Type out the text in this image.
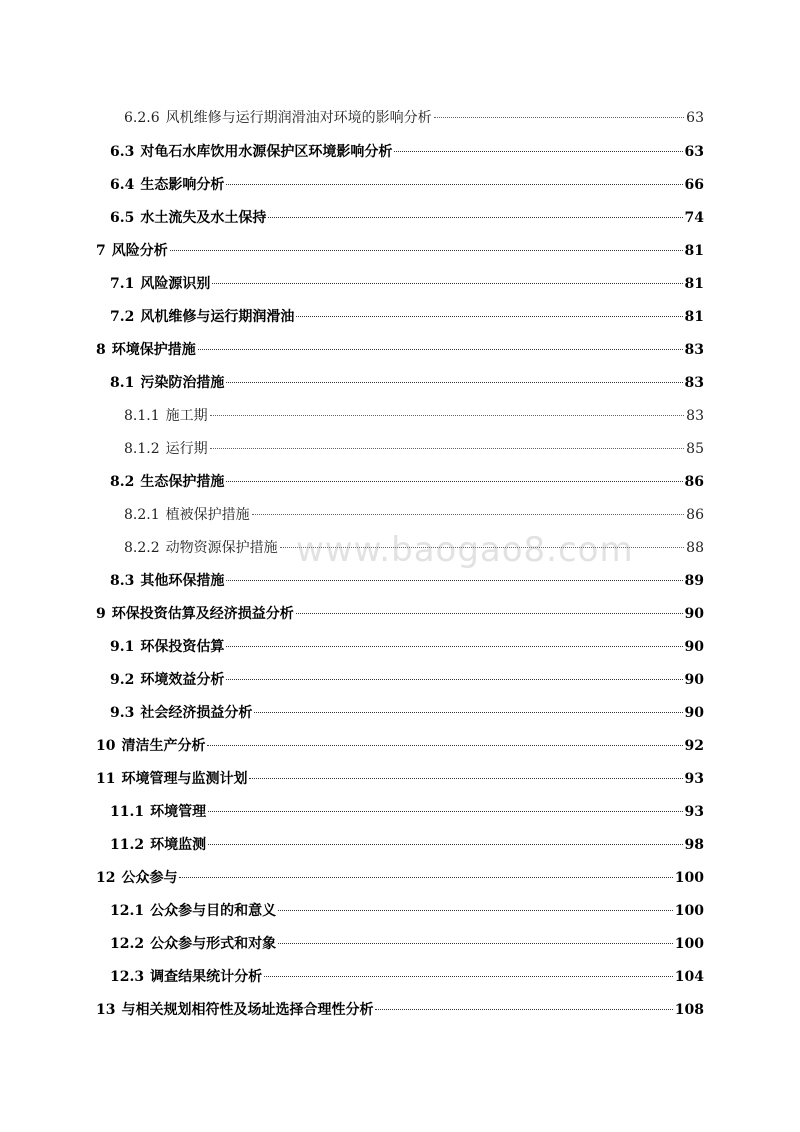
6.2.6 风机维修与运行期润滑油对环境的影响分析	63
6.3 对龟石水库饮用水源保护区环境影响分析	63
6.4 生态影响分析	66
6.5 水土流失及水土保持	74
7 风险分析	81
7.1 风险源识别	81
7.2 风机维修与运行期润滑油	81
8 环境保护措施	83
8.1 污染防治措施	83
8.1.1 施工期	83
8.1.2 运行期	85
8.2 生态保护措施	86
8.2.1 植被保护措施	86
8.2.2 动物资源保护措施	88
8.3 其他环保措施	89
9 环保投资估算及经济损益分析	90
9.1 环保投资估算	90
9.2 环境效益分析	90
9.3 社会经济损益分析	90
10 清洁生产分析	92
11 环境管理与监测计划	93
11.1 环境管理	93
11.2 环境监测	98
12 公众参与	100
12.1 公众参与目的和意义	100
12.2 公众参与形式和对象	100
12.3 调查结果统计分析	104
13 与相关规划相符性及场址选择合理性分析	108
www.baogao8.com
